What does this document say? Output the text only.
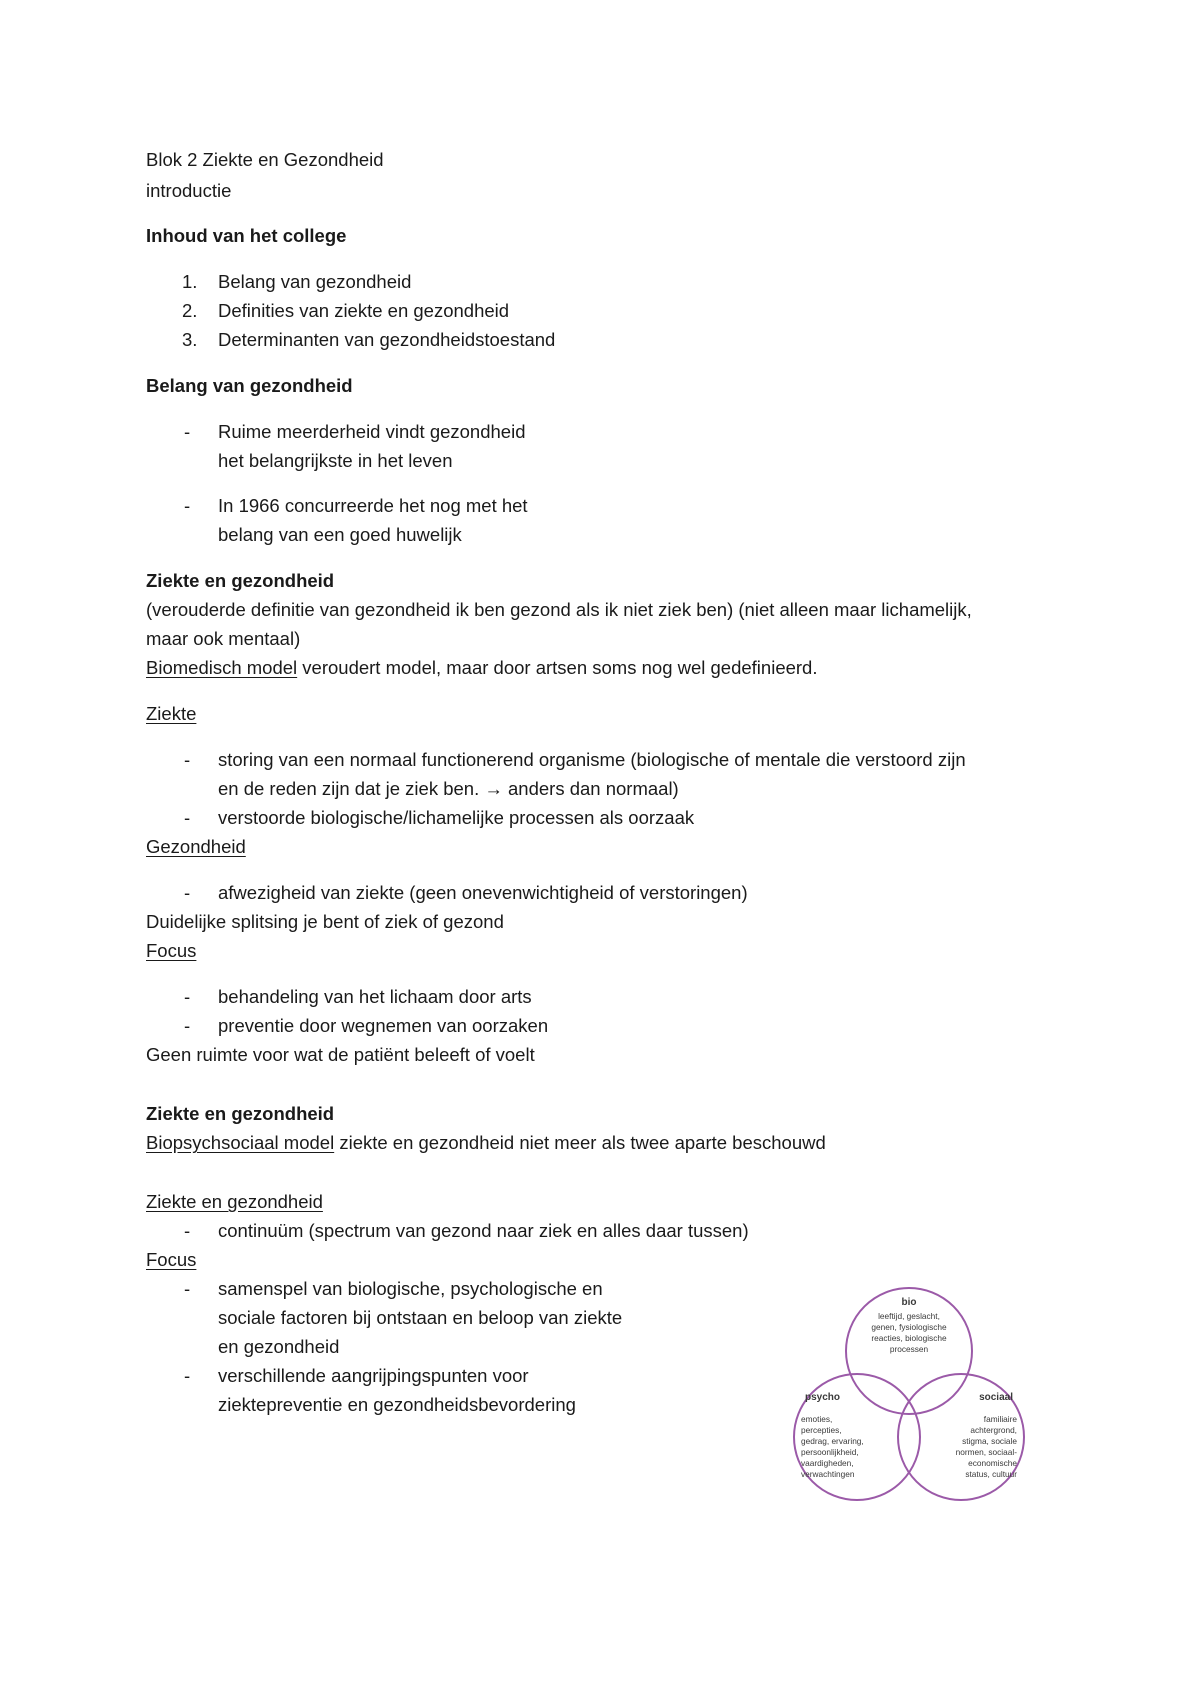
Blok 2 Ziekte en Gezondheid
introductie
Inhoud van het college
1. Belang van gezondheid
2. Definities van ziekte en gezondheid
3. Determinanten van gezondheidstoestand
Belang van gezondheid
- Ruime meerderheid vindt gezondheid
het belangrijkste in het leven
- In 1966 concurreerde het nog met het
belang van een goed huwelijk
Ziekte en gezondheid
(verouderde definitie van gezondheid ik ben gezond als ik niet ziek ben) (niet alleen maar lichamelijk,
maar ook mentaal)
Biomedisch model veroudert model, maar door artsen soms nog wel gedefinieerd.
Ziekte
- storing van een normaal functionerend organisme (biologische of mentale die verstoord zijn
en de reden zijn dat je ziek ben. → anders dan normaal)
- verstoorde biologische/lichamelijke processen als oorzaak
Gezondheid
- afwezigheid van ziekte (geen onevenwichtigheid of verstoringen)
Duidelijke splitsing je bent of ziek of gezond
Focus
- behandeling van het lichaam door arts
- preventie door wegnemen van oorzaken
Geen ruimte voor wat de patiënt beleeft of voelt
Ziekte en gezondheid
Biopsychsociaal model ziekte en gezondheid niet meer als twee aparte beschouwd
Ziekte en gezondheid
- continuüm (spectrum van gezond naar ziek en alles daar tussen)
Focus
- samenspel van biologische, psychologische en
sociale factoren bij ontstaan en beloop van ziekte
en gezondheid
- verschillende aangrijpingspunten voor
ziektepreventie en gezondheidsbevordering
bio
leeftijd, geslacht,
genen, fysiologische
reacties, biologische
processen
psycho
emoties,
percepties,
gedrag, ervaring,
persoonlijkheid,
vaardigheden,
verwachtingen
sociaal
familiaire
achtergrond,
stigma, sociale
normen, sociaal-
economische
status, cultuur
